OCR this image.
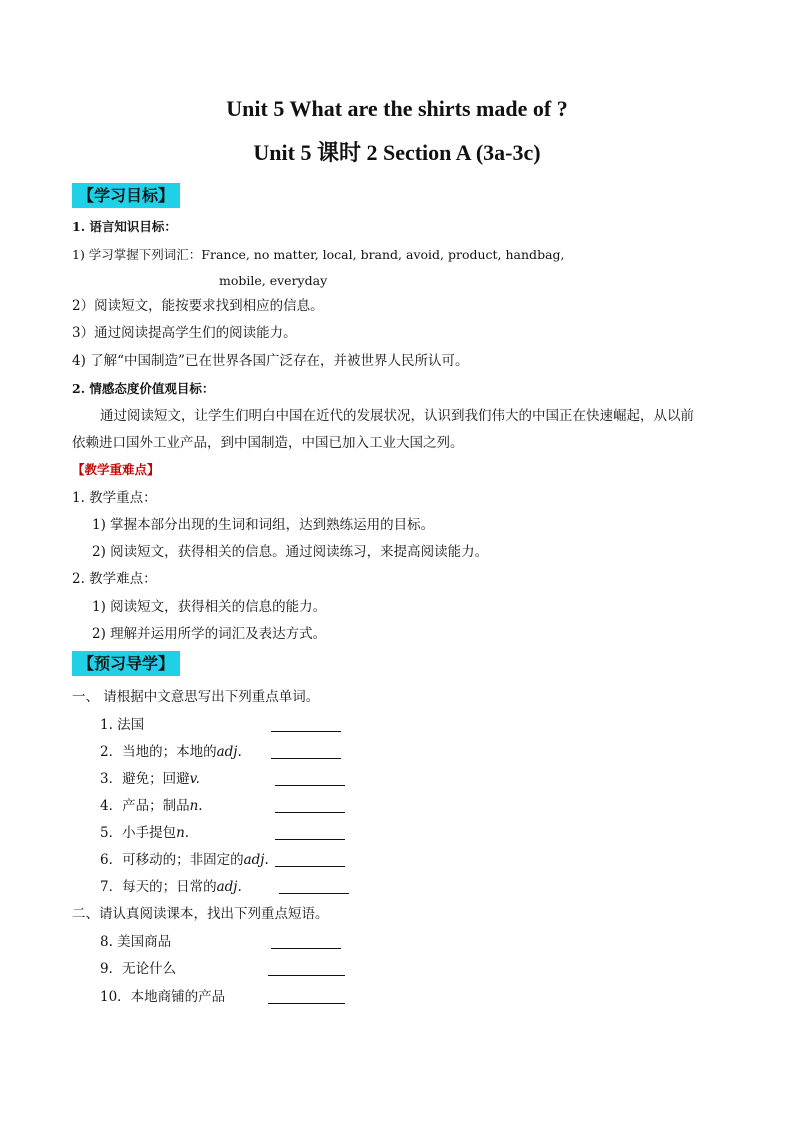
Unit 5 What are the shirts made of ?
Unit 5 课时 2 Section A (3a-3c)
【学习目标】
1. 语言知识目标：
1) 学习掌握下列词汇：France, no matter, local, brand, avoid, product, handbag,
mobile, everyday
2）阅读短文，能按要求找到相应的信息。
3）通过阅读提高学生们的阅读能力。
4) 了解“中国制造”已在世界各国广泛存在，并被世界人民所认可。
2. 情感态度价值观目标：
通过阅读短文，让学生们明白中国在近代的发展状况，认识到我们伟大的中国正在快速崛起，从以前
依赖进口国外工业产品，到中国制造，中国已加入工业大国之列。
【教学重难点】
1. 教学重点：
1) 掌握本部分出现的生词和词组，达到熟练运用的目标。
2) 阅读短文，获得相关的信息。通过阅读练习，来提高阅读能力。
2. 教学难点：
1) 阅读短文，获得相关的信息的能力。
2) 理解并运用所学的词汇及表达方式。
【预习导学】
一、 请根据中文意思写出下列重点单词。
1. 法国
2．当地的；本地的adj.
3．避免；回避v.
4．产品；制品n.
5．小手提包n.
6．可移动的；非固定的adj.
7．每天的；日常的adj.
二、请认真阅读课本，找出下列重点短语。
8. 美国商品
9．无论什么
10．本地商铺的产品
